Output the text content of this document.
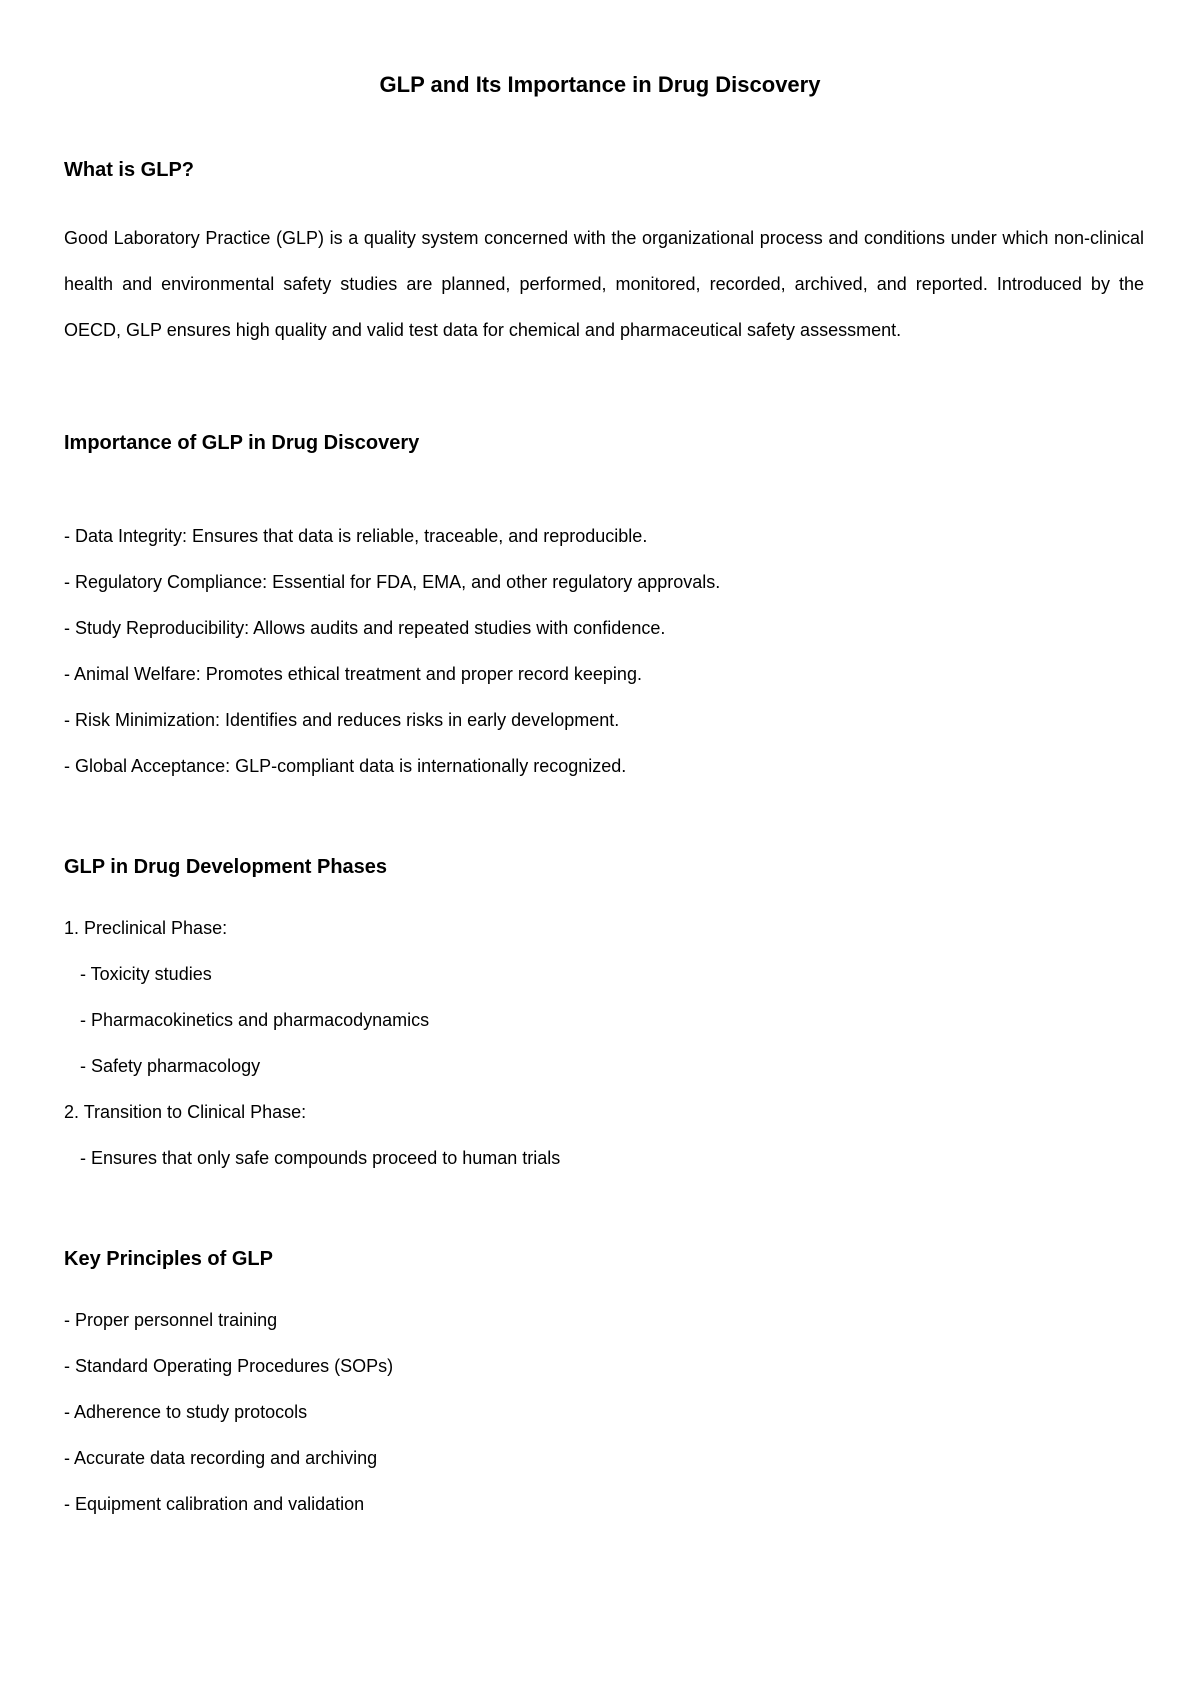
GLP and Its Importance in Drug Discovery
What is GLP?

Good Laboratory Practice (GLP) is a quality system concerned with the organizational process and conditions under which non-clinical health and environmental safety studies are planned, performed, monitored, recorded, archived, and reported. Introduced by the OECD, GLP ensures high quality and valid test data for chemical and pharmaceutical safety assessment.

Importance of GLP in Drug Discovery
- Data Integrity: Ensures that data is reliable, traceable, and reproducible.
- Regulatory Compliance: Essential for FDA, EMA, and other regulatory approvals.
- Study Reproducibility: Allows audits and repeated studies with confidence.
- Animal Welfare: Promotes ethical treatment and proper record keeping.
- Risk Minimization: Identifies and reduces risks in early development.
- Global Acceptance: GLP-compliant data is internationally recognized.
GLP in Drug Development Phases
1. Preclinical Phase:
- Toxicity studies
- Pharmacokinetics and pharmacodynamics
- Safety pharmacology
2. Transition to Clinical Phase:
- Ensures that only safe compounds proceed to human trials
Key Principles of GLP
- Proper personnel training
- Standard Operating Procedures (SOPs)
- Adherence to study protocols
- Accurate data recording and archiving
- Equipment calibration and validation
